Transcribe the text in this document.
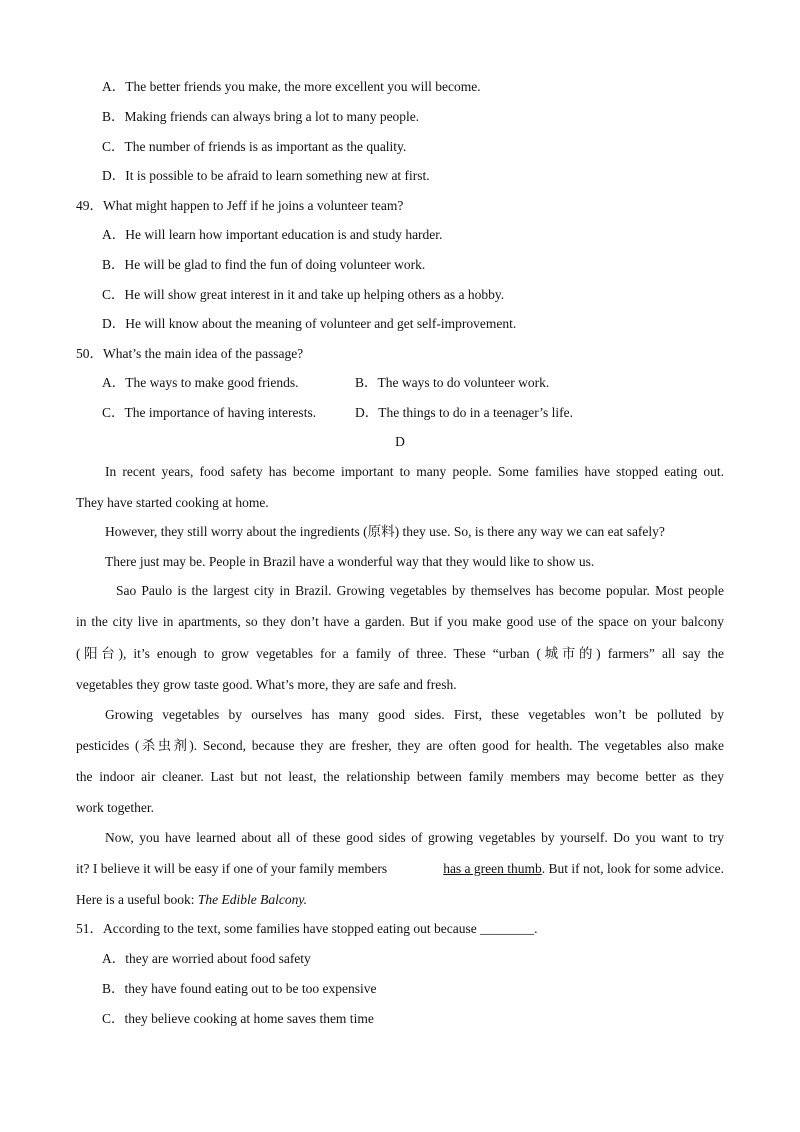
A．The better friends you make, the more excellent you will become.
B．Making friends can always bring a lot to many people.
C．The number of friends is as important as the quality.
D．It is possible to be afraid to learn something new at first.
49．What might happen to Jeff if he joins a volunteer team?
A．He will learn how important education is and study harder.
B．He will be glad to find the fun of doing volunteer work.
C．He will show great interest in it and take up helping others as a hobby.
D．He will know about the meaning of volunteer and get self-improvement.
50．What’s the main idea of the passage?
A．The ways to make good friends.	B．The ways to do volunteer work.
C．The importance of having interests.	D．The things to do in a teenager’s life.
D
In recent years, food safety has become important to many people. Some families have stopped eating out.
They have started cooking at home.
However, they still worry about the ingredients (原料) they use. So, is there any way we can eat safely?
There just may be. People in Brazil have a wonderful way that they would like to show us.
Sao Paulo is the largest city in Brazil. Growing vegetables by themselves has become popular. Most people
in the city live in apartments, so they don’t have a garden. But if you make good use of the space on your balcony
(阳台), it’s enough to grow vegetables for a family of three. These “urban (城市的) farmers” all say the
vegetables they grow taste good. What’s more, they are safe and fresh.
Growing vegetables by ourselves has many good sides. First, these vegetables won’t be polluted by
pesticides (杀虫剂). Second, because they are fresher, they are often good for health. The vegetables also make
the indoor air cleaner. Last but not least, the relationship between family members may become better as they
work together.
Now, you have learned about all of these good sides of growing vegetables by yourself. Do you want to try
it? I believe it will be easy if one of your family members	has a green thumb . But if not, look for some advice.
Here is a useful book: The Edible Balcony.
51．According to the text, some families have stopped eating out because ________.
A．they are worried about food safety
B．they have found eating out to be too expensive
C．they believe cooking at home saves them time
